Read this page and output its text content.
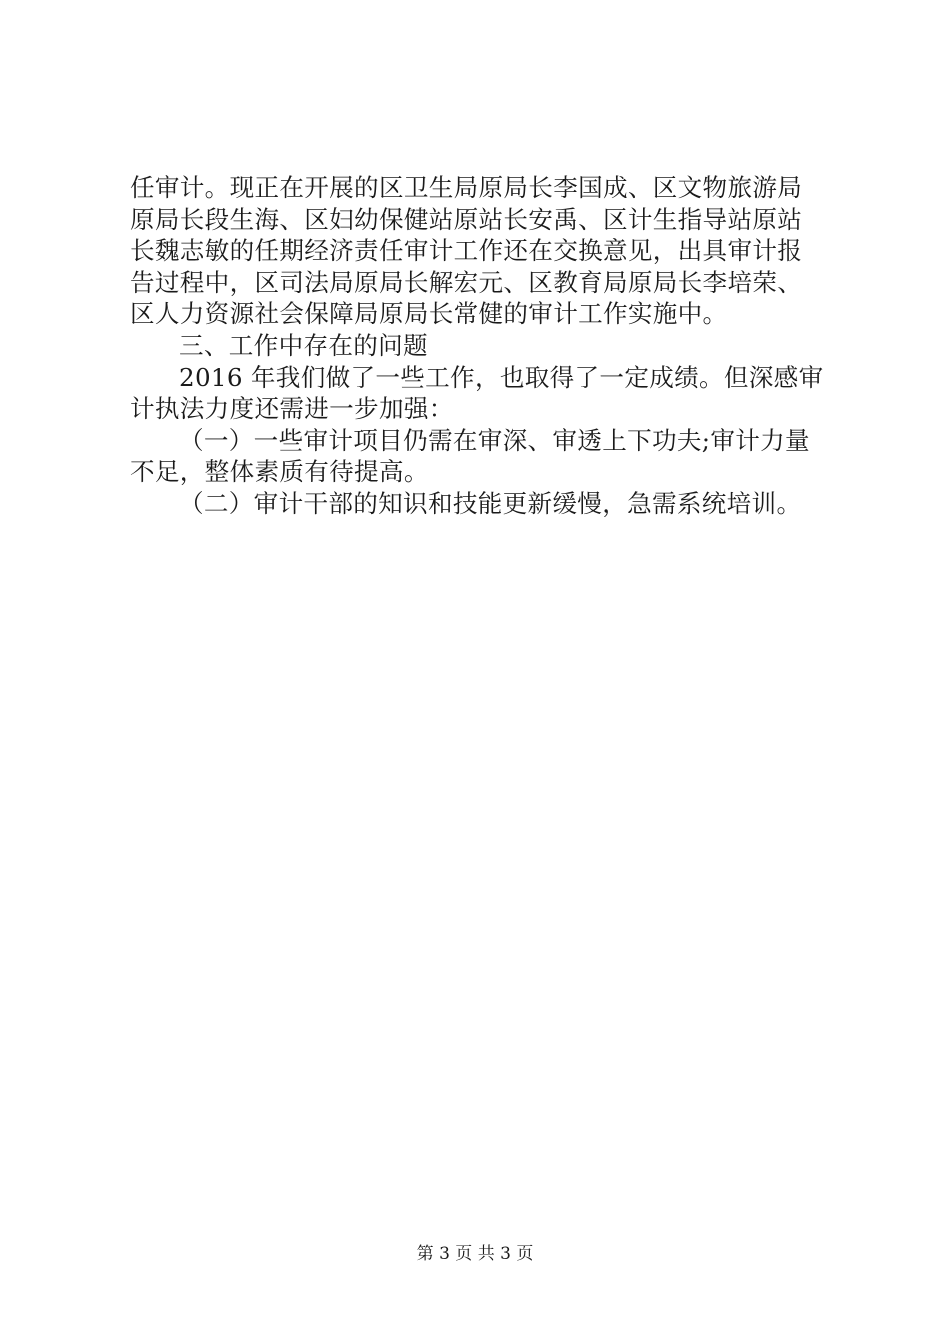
任审计。现正在开展的区卫生局原局长李国成、区文物旅游局
原局长段生海、区妇幼保健站原站长安禹、区计生指导站原站
长魏志敏的任期经济责任审计工作还在交换意见，出具审计报
告过程中，区司法局原局长解宏元、区教育局原局长李培荣、
区人力资源社会保障局原局长常健的审计工作实施中。
三、工作中存在的问题
2016 年我们做了一些工作，也取得了一定成绩。但深感审
计执法力度还需进一步加强：
（一）一些审计项目仍需在审深、审透上下功夫;审计力量
不足，整体素质有待提高。
（二）审计干部的知识和技能更新缓慢，急需系统培训。
第 3 页 共 3 页
